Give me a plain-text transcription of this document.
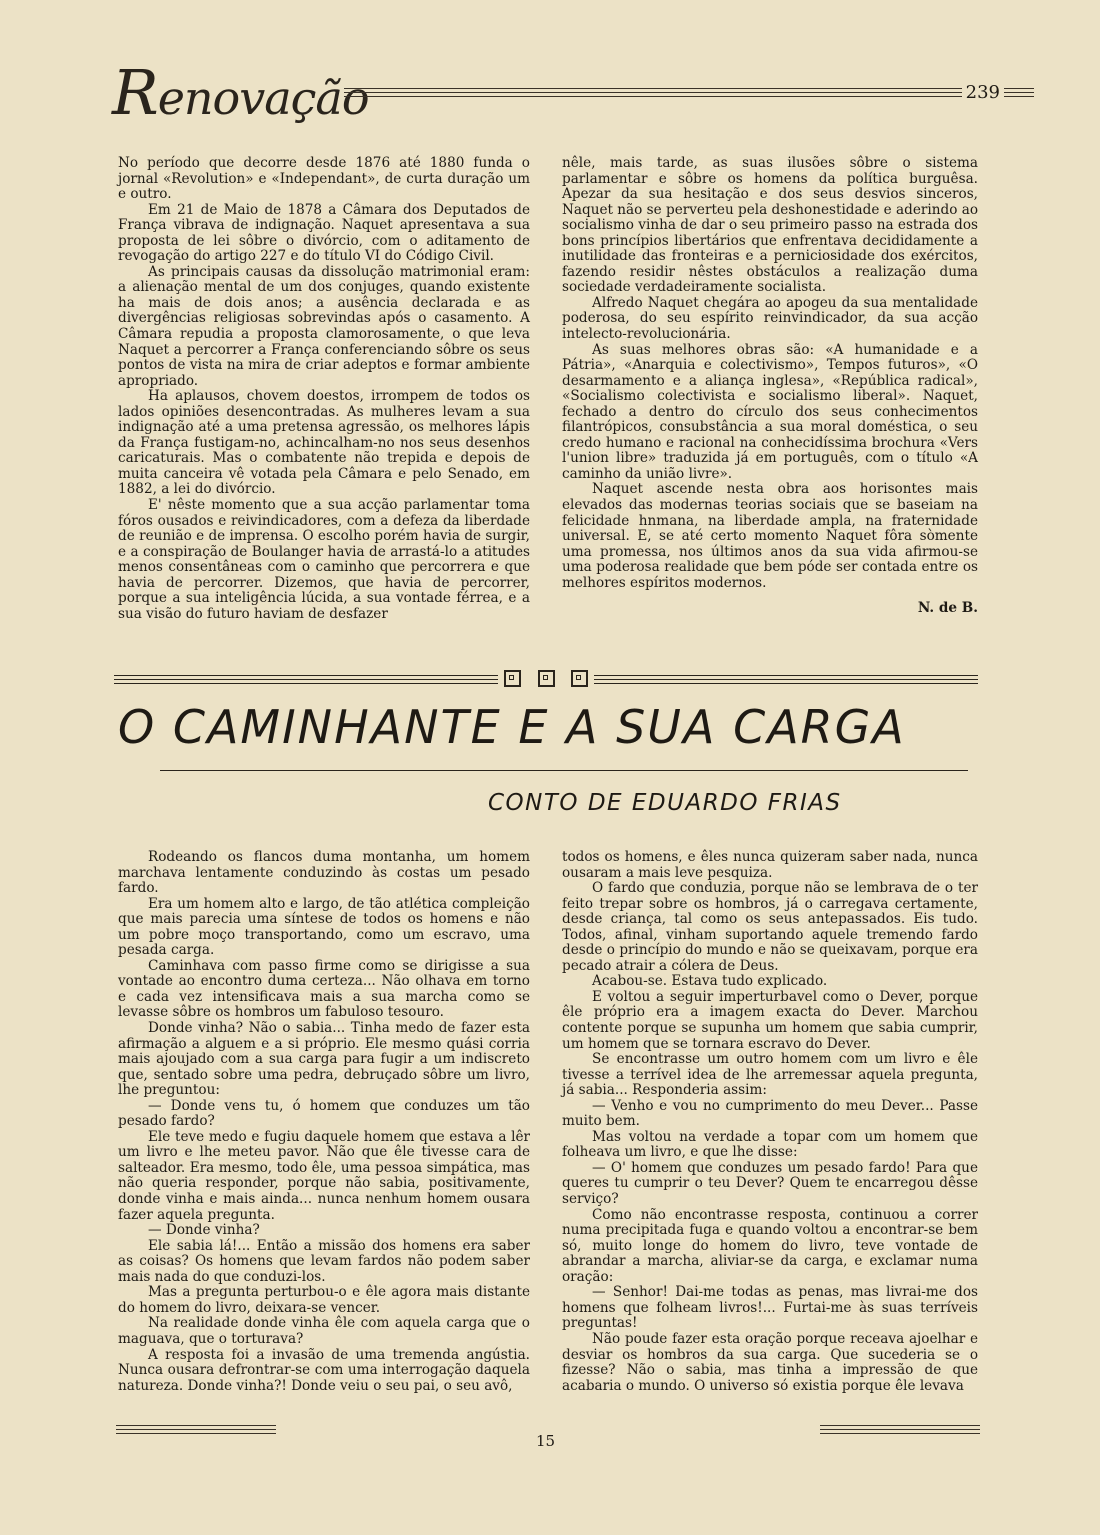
Renovação	239

No período que decorre desde 1876 até 1880 funda o jornal «Revolution» e «Independant», de curta duração um e outro.

Em 21 de Maio de 1878 a Câmara dos Deputados de França vibrava de indignação. Naquet apresentava a sua proposta de lei sôbre o divórcio, com o aditamento de revogação do artigo 227 e do título VI do Código Civil.

As principais causas da dissolução matrimonial eram: a alienação mental de um dos conjuges, quando existente ha mais de dois anos; a ausência declarada e as divergências religiosas sobrevindas após o casamento. A Câmara repudia a proposta clamorosamente, o que leva Naquet a percorrer a França conferenciando sôbre os seus pontos de vista na mira de criar adeptos e formar ambiente apropriado.

Ha aplausos, chovem doestos, irrompem de todos os lados opiniões desencontradas. As mulheres levam a sua indignação até a uma pretensa agressão, os melhores lápis da França fustigam-no, achincalham-no nos seus desenhos caricaturais. Mas o combatente não trepida e depois de muita canceira vê votada pela Câmara e pelo Senado, em 1882, a lei do divórcio.

E' nêste momento que a sua acção parlamentar toma fóros ousados e reivindicadores, com a defeza da liberdade de reunião e de imprensa. O escolho porém havia de surgir, e a conspiração de Boulanger havia de arrastá-lo a atitudes menos consentâneas com o caminho que percorrera e que havia de percorrer. Dizemos, que havia de percorrer, porque a sua inteligência lúcida, a sua vontade férrea, e a sua visão do futuro haviam de desfazer

nêle, mais tarde, as suas ilusões sôbre o sistema parlamentar e sôbre os homens da política burguêsa. Apezar da sua hesitação e dos seus desvios sinceros, Naquet não se perverteu pela deshonestidade e aderindo ao socialismo vinha de dar o seu primeiro passo na estrada dos bons princípios libertários que enfrentava decididamente a inutilidade das fronteiras e a perniciosidade dos exércitos, fazendo residir nêstes obstáculos a realização duma sociedade verdadeiramente socialista.

Alfredo Naquet chegára ao apogeu da sua mentalidade poderosa, do seu espírito reinvindicador, da sua acção intelecto-revolucionária.

As suas melhores obras são: «A humanidade e a Pátria», «Anarquia e colectivismo», Tempos futuros», «O desarmamento e a aliança inglesa», «República radical», «Socialismo colectivista e socialismo liberal». Naquet, fechado a dentro do círculo dos seus conhecimentos filantrópicos, consubstância a sua moral doméstica, o seu credo humano e racional na conhecidíssima brochura «Vers l'union libre» traduzida já em português, com o título «A caminho da união livre».

Naquet ascende nesta obra aos horisontes mais elevados das modernas teorias sociais que se baseiam na felicidade hnmana, na liberdade ampla, na fraternidade universal. E, se até certo momento Naquet fôra sòmente uma promessa, nos últimos anos da sua vida afirmou-se uma poderosa realidade que bem póde ser contada entre os melhores espíritos modernos.

N. de B.

O CAMINHANTE E A SUA CARGA
CONTO DE EDUARDO FRIAS

Rodeando os flancos duma montanha, um homem marchava lentamente conduzindo às costas um pesado fardo.

Era um homem alto e largo, de tão atlética compleição que mais parecia uma síntese de todos os homens e não um pobre moço transportando, como um escravo, uma pesada carga.

Caminhava com passo firme como se dirigisse a sua vontade ao encontro duma certeza... Não olhava em torno e cada vez intensificava mais a sua marcha como se levasse sôbre os hombros um fabuloso tesouro.

Donde vinha? Não o sabia... Tinha medo de fazer esta afirmação a alguem e a si próprio. Ele mesmo quási corria mais ajoujado com a sua carga para fugir a um indiscreto que, sentado sobre uma pedra, debruçado sôbre um livro, lhe preguntou:

— Donde vens tu, ó homem que conduzes um tão pesado fardo?

Ele teve medo e fugiu daquele homem que estava a lêr um livro e lhe meteu pavor. Não que êle tivesse cara de salteador. Era mesmo, todo êle, uma pessoa simpática, mas não queria responder, porque não sabia, positivamente, donde vinha e mais ainda... nunca nenhum homem ousara fazer aquela pregunta.

— Donde vinha?

Ele sabia lá!... Então a missão dos homens era saber as coisas? Os homens que levam fardos não podem saber mais nada do que conduzi-los.

Mas a pregunta perturbou-o e êle agora mais distante do homem do livro, deixara-se vencer.

Na realidade donde vinha êle com aquela carga que o maguava, que o torturava?

A resposta foi a invasão de uma tremenda angústia. Nunca ousara defrontrar-se com uma interrogação daquela natureza. Donde vinha?! Donde veiu o seu pai, o seu avô,

todos os homens, e êles nunca quizeram saber nada, nunca ousaram a mais leve pesquiza.

O fardo que conduzia, porque não se lembrava de o ter feito trepar sobre os hombros, já o carregava certamente, desde criança, tal como os seus antepassados. Eis tudo. Todos, afinal, vinham suportando aquele tremendo fardo desde o princípio do mundo e não se queixavam, porque era pecado atrair a cólera de Deus.

Acabou-se. Estava tudo explicado.

E voltou a seguir imperturbavel como o Dever, porque êle próprio era a imagem exacta do Dever. Marchou contente porque se supunha um homem que sabia cumprir, um homem que se tornara escravo do Dever.

Se encontrasse um outro homem com um livro e êle tivesse a terrível idea de lhe arremessar aquela pregunta, já sabia... Responderia assim:

— Venho e vou no cumprimento do meu Dever... Passe muito bem.

Mas voltou na verdade a topar com um homem que folheava um livro, e que lhe disse:

— O' homem que conduzes um pesado fardo! Para que queres tu cumprir o teu Dever? Quem te encarregou dêsse serviço?

Como não encontrasse resposta, continuou a correr numa precipitada fuga e quando voltou a encontrar-se bem só, muito longe do homem do livro, teve vontade de abrandar a marcha, aliviar-se da carga, e exclamar numa oração:

— Senhor! Dai-me todas as penas, mas livrai-me dos homens que folheam livros!... Furtai-me às suas terríveis preguntas!

Não poude fazer esta oração porque receava ajoelhar e desviar os hombros da sua carga. Que sucederia se o fizesse? Não o sabia, mas tinha a impressão de que acabaria o mundo. O universo só existia porque êle levava

15
